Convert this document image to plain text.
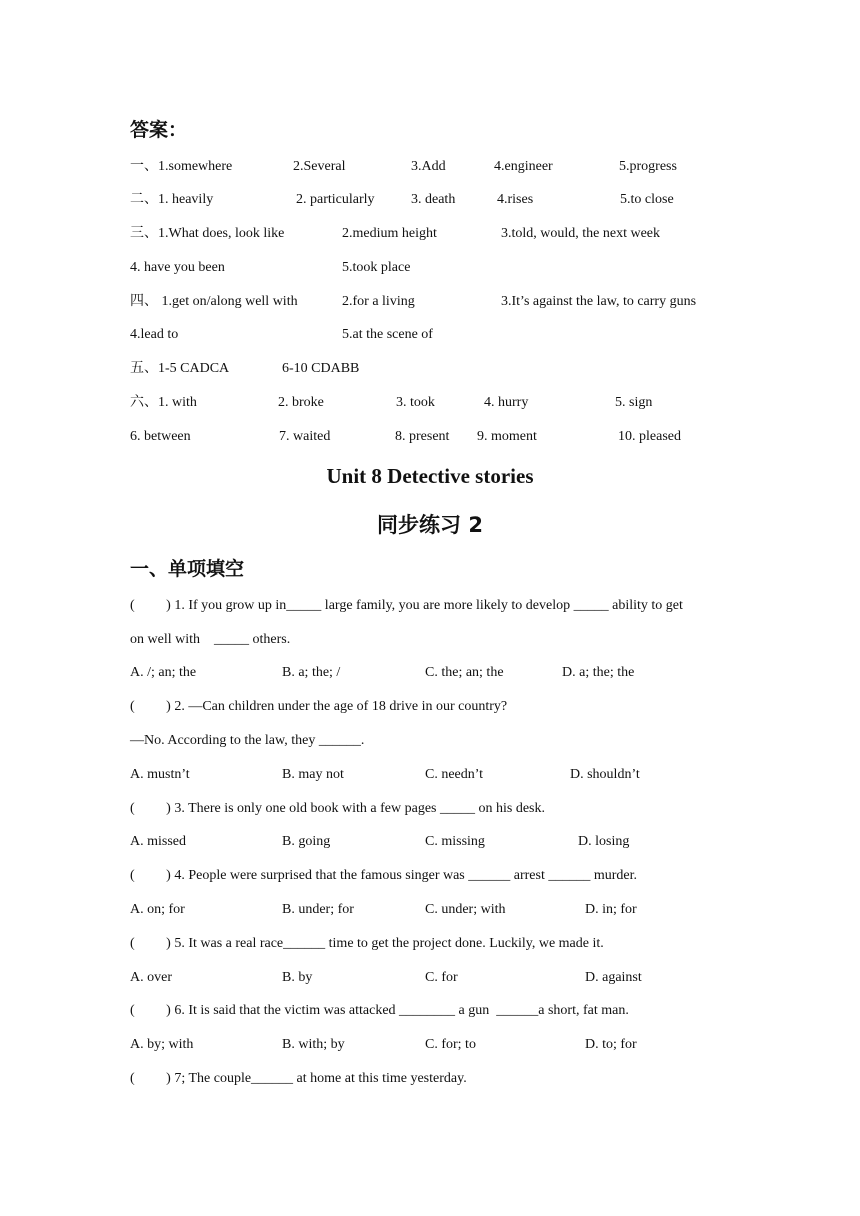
答案：
一、1.somewhere	2.Several	3.Add	4.engineer	5.progress
二、1. heavily	2. particularly	3. death	4.rises	5.to close
三、1.What does, look like	2.medium height	3.told, would, the next week
4. have you been	5.took place
四、 1.get on/along well with	2.for a living	3.It’s against the law, to carry guns
4.lead to	5.at the scene of
五、1-5 CADCA	6-10 CDABB
六、1. with	2. broke	3. took	4. hurry	5. sign
6. between	7. waited	8. present 9. moment	10. pleased
Unit 8 Detective stories
同步练习 2
一、单项填空
(         ) 1. If you grow up in_____ large family, you are more likely to develop _____ ability to get
on well with    _____ others.
A. /; an; the	B. a; the; /	C. the; an; the	D. a; the; the
(         ) 2. —Can children under the age of 18 drive in our country?
—No. According to the law, they ______.
A. mustn’t	B. may not	C. needn’t	D. shouldn’t
(         ) 3. There is only one old book with a few pages _____ on his desk.
A. missed	B. going	C. missing	D. losing
(         ) 4. People were surprised that the famous singer was ______ arrest ______ murder.
A. on; for	B. under; for	C. under; with	D. in; for
(         ) 5. It was a real race______ time to get the project done. Luckily, we made it.
A. over	B. by	C. for	D. against
(         ) 6. It is said that the victim was attacked ________ a gun  ______a short, fat man.
A. by; with	B. with; by	C. for; to	D. to; for
(         ) 7; The couple______ at home at this time yesterday.
